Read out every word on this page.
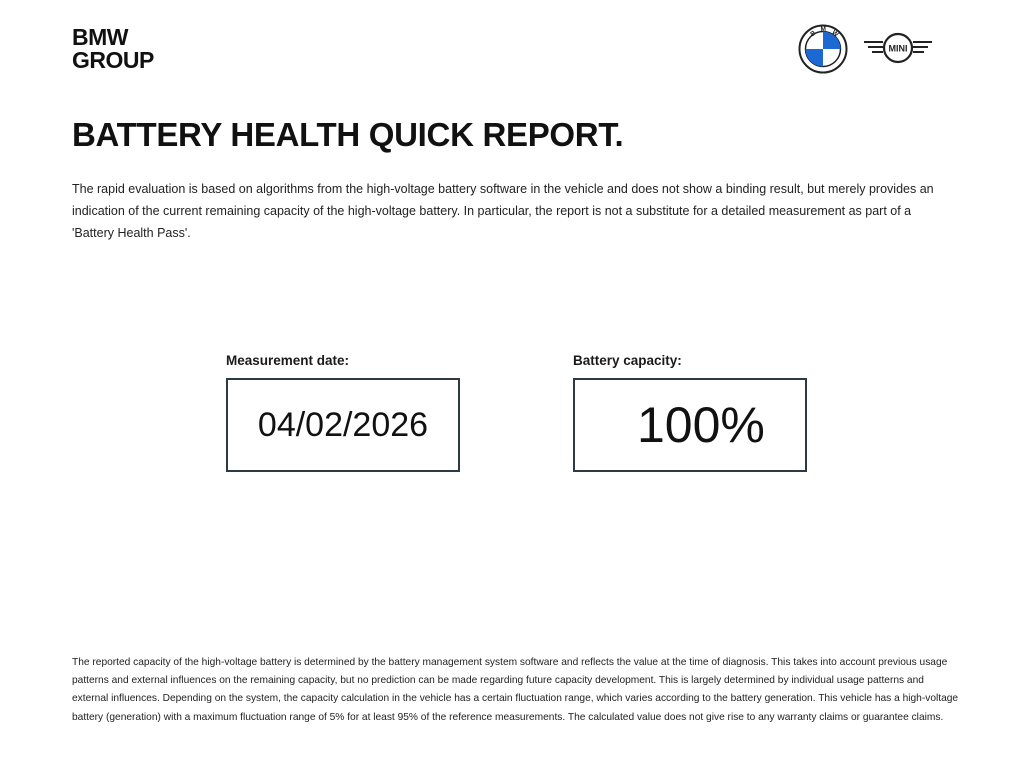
BMW
GROUP
B M W
MINI
BATTERY HEALTH QUICK REPORT.

The rapid evaluation is based on algorithms from the high-voltage battery software in the vehicle and does not show a binding result, but merely provides an indication of the current remaining capacity of the high-voltage battery. In particular, the report is not a substitute for a detailed measurement as part of a 'Battery Health Pass'.

Measurement date:
04/02/2026
Battery capacity:
100%

The reported capacity of the high-voltage battery is determined by the battery management system software and reflects the value at the time of diagnosis. This takes into account previous usage patterns and external influences on the remaining capacity, but no prediction can be made regarding future capacity development. This is largely determined by individual usage patterns and external influences. Depending on the system, the capacity calculation in the vehicle has a certain fluctuation range, which varies according to the battery generation. This vehicle has a high-voltage battery (generation) with a maximum fluctuation range of 5% for at least 95% of the reference measurements. The calculated value does not give rise to any warranty claims or guarantee claims.
